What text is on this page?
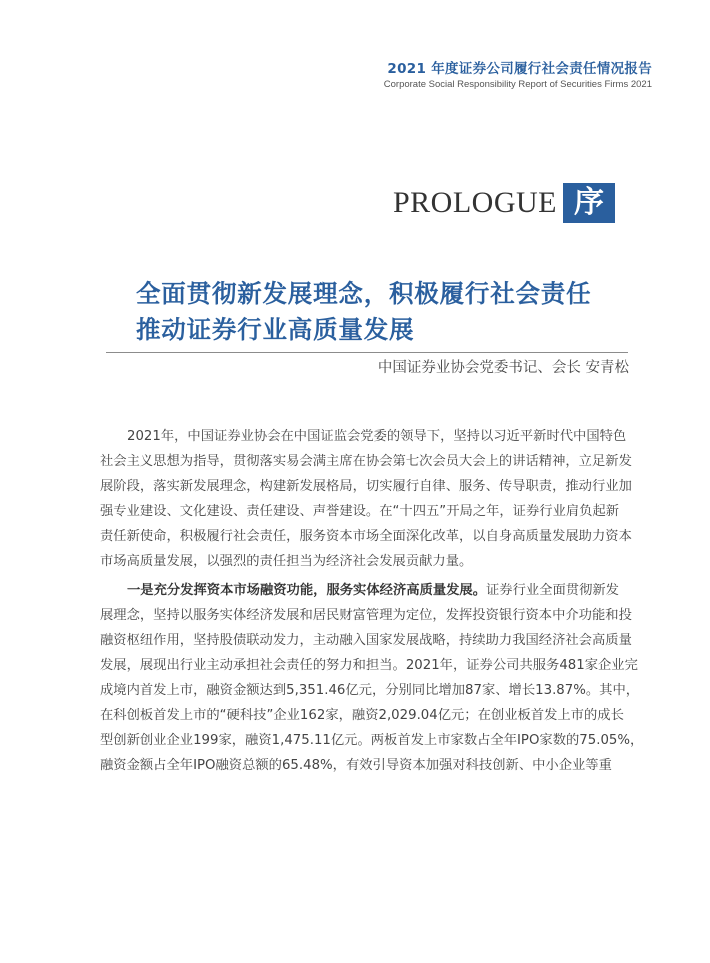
2021 年度证券公司履行社会责任情况报告
Corporate Social Responsibility Report of Securities Firms 2021
PROLOGUE 序
全面贯彻新发展理念，积极履行社会责任
推动证券行业高质量发展
中国证券业协会党委书记、会长 安青松
2021年，中国证券业协会在中国证监会党委的领导下，坚持以习近平新时代中国特色
社会主义思想为指导，贯彻落实易会满主席在协会第七次会员大会上的讲话精神，立足新发
展阶段，落实新发展理念，构建新发展格局，切实履行自律、服务、传导职责，推动行业加
强专业建设、文化建设、责任建设、声誉建设。在“十四五”开局之年，证券行业肩负起新
责任新使命，积极履行社会责任，服务资本市场全面深化改革，以自身高质量发展助力资本
市场高质量发展，以强烈的责任担当为经济社会发展贡献力量。
一是充分发挥资本市场融资功能，服务实体经济高质量发展。证券行业全面贯彻新发
展理念，坚持以服务实体经济发展和居民财富管理为定位，发挥投资银行资本中介功能和投
融资枢纽作用，坚持股债联动发力，主动融入国家发展战略，持续助力我国经济社会高质量
发展，展现出行业主动承担社会责任的努力和担当。2021年，证券公司共服务481家企业完
成境内首发上市，融资金额达到5,351.46亿元，分别同比增加87家、增长13.87%。其中，
在科创板首发上市的“硬科技”企业162家，融资2,029.04亿元；在创业板首发上市的成长
型创新创业企业199家，融资1,475.11亿元。两板首发上市家数占全年IPO家数的75.05%，
融资金额占全年IPO融资总额的65.48%，有效引导资本加强对科技创新、中小企业等重
